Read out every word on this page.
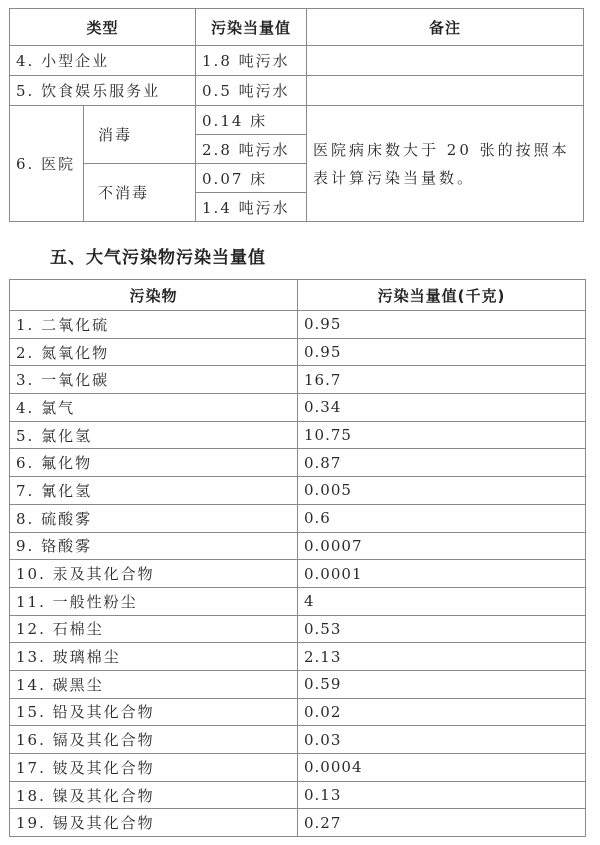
类型		污染当量值	备注
4. 小型企业		1.8 吨污水	
5. 饮食娱乐服务业		0.5 吨污水	
6. 医院	消毒	0.14 床	医院病床数大于 20 张的按照本表计算污染当量数。
		2.8 吨污水	
	不消毒	0.07 床	
		1.4 吨污水	
五、大气污染物污染当量值
污染物	污染当量值(千克)
1. 二氧化硫	0.95
2. 氮氧化物	0.95
3. 一氧化碳	16.7
4. 氯气	0.34
5. 氯化氢	10.75
6. 氟化物	0.87
7. 氰化氢	0.005
8. 硫酸雾	0.6
9. 铬酸雾	0.0007
10. 汞及其化合物	0.0001
11. 一般性粉尘	4
12. 石棉尘	0.53
13. 玻璃棉尘	2.13
14. 碳黑尘	0.59
15. 铅及其化合物	0.02
16. 镉及其化合物	0.03
17. 铍及其化合物	0.0004
18. 镍及其化合物	0.13
19. 锡及其化合物	0.27
